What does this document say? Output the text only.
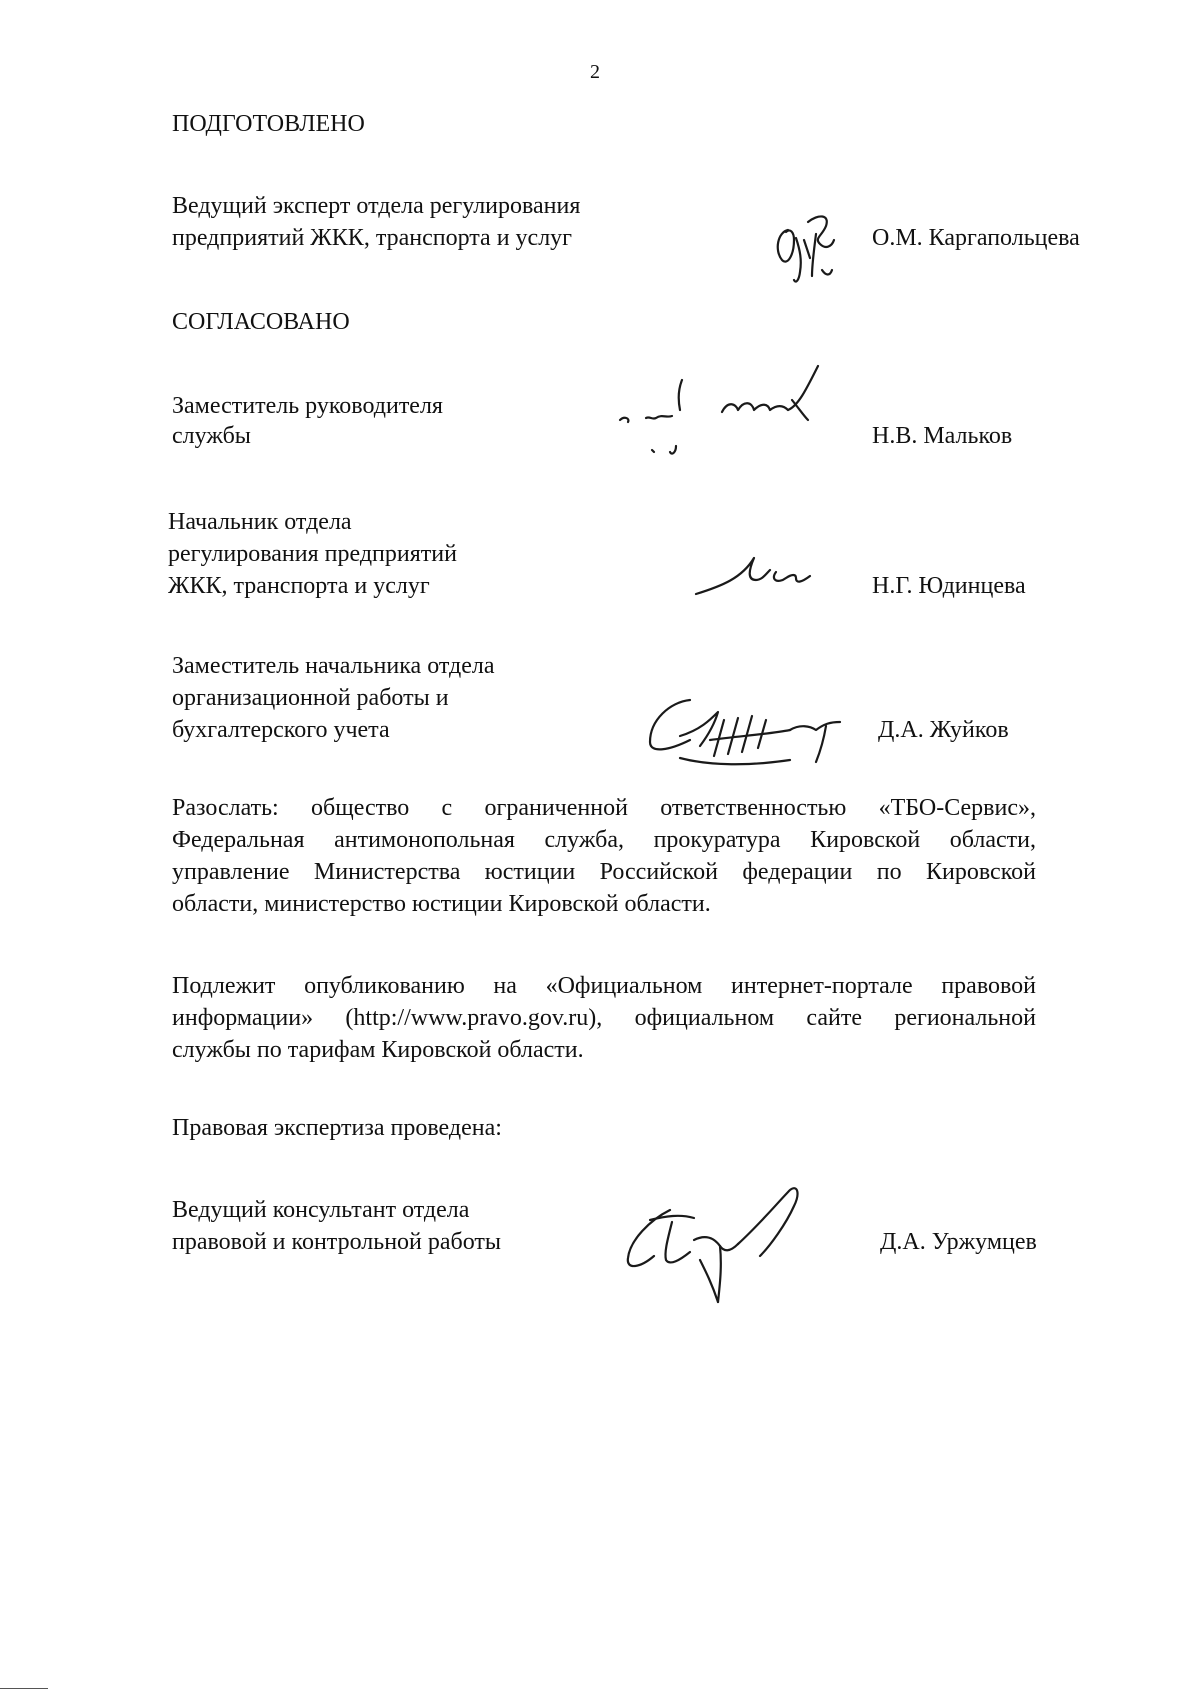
2
ПОДГОТОВЛЕНО
Ведущий эксперт отдела регулирования
предприятий ЖКК, транспорта и услуг	О.М. Каргапольцева
СОГЛАСОВАНО
Заместитель руководителя
службы	Н.В. Мальков
Начальник отдела
регулирования предприятий
ЖКК, транспорта и услуг	Н.Г. Юдинцева
Заместитель начальника отдела
организационной работы и
бухгалтерского учета	Д.А. Жуйков
Разослать: общество с ограниченной ответственностью «ТБО-Сервис»,
Федеральная антимонопольная служба, прокуратура Кировской области,
управление Министерства юстиции Российской федерации по Кировской
области, министерство юстиции Кировской области.
Подлежит опубликованию на «Официальном интернет-портале правовой
информации» (http://www.pravo.gov.ru), официальном сайте региональной
службы по тарифам Кировской области.
Правовая экспертиза проведена:
Ведущий консультант отдела
правовой и контрольной работы	Д.А. Уржумцев
